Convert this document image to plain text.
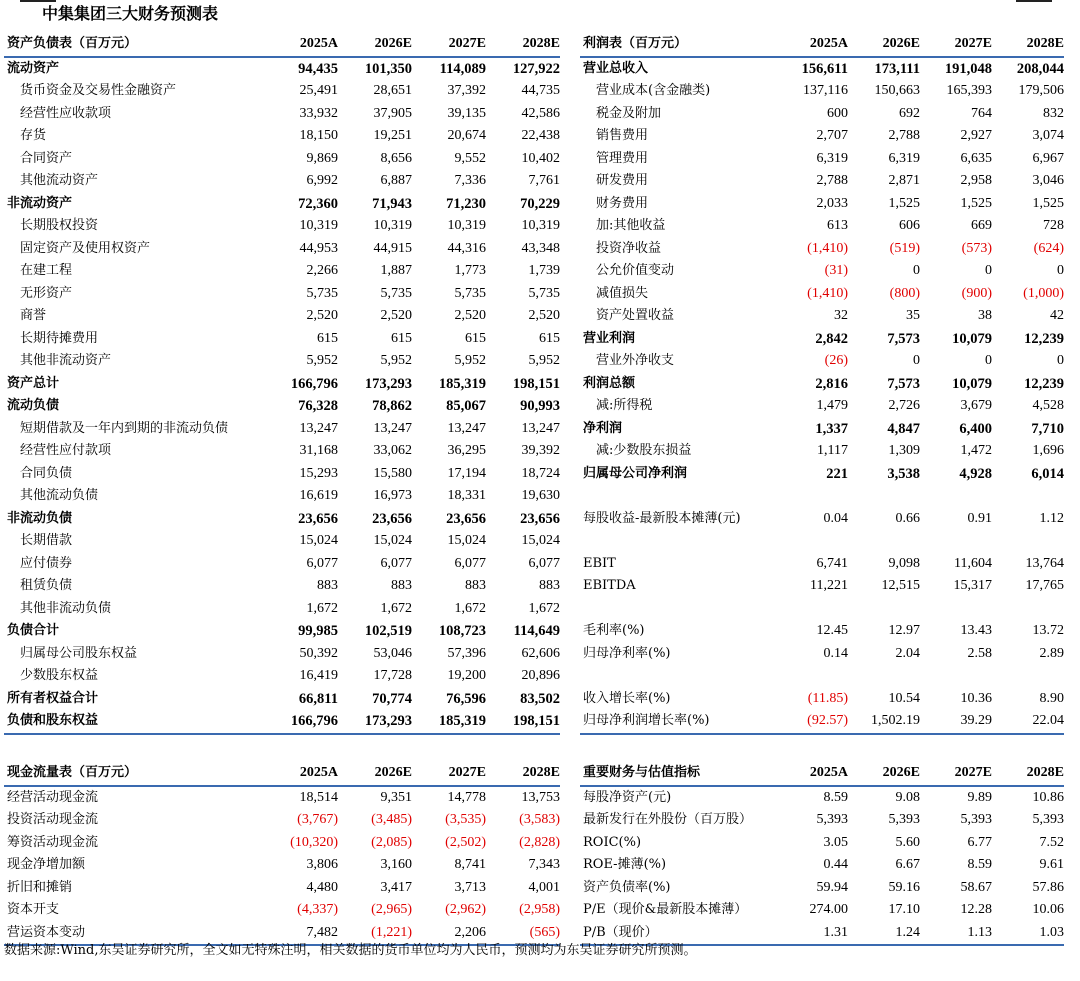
中集集团三大财务预测表
资产负债表（百万元）	2025A	2026E	2027E	2028E
流动资产	94,435	101,350	114,089	127,922
货币资金及交易性金融资产	25,491	28,651	37,392	44,735
经营性应收款项	33,932	37,905	39,135	42,586
存货	18,150	19,251	20,674	22,438
合同资产	9,869	8,656	9,552	10,402
其他流动资产	6,992	6,887	7,336	7,761
非流动资产	72,360	71,943	71,230	70,229
长期股权投资	10,319	10,319	10,319	10,319
固定资产及使用权资产	44,953	44,915	44,316	43,348
在建工程	2,266	1,887	1,773	1,739
无形资产	5,735	5,735	5,735	5,735
商誉	2,520	2,520	2,520	2,520
长期待摊费用	615	615	615	615
其他非流动资产	5,952	5,952	5,952	5,952
资产总计	166,796	173,293	185,319	198,151
流动负债	76,328	78,862	85,067	90,993
短期借款及一年内到期的非流动负债	13,247	13,247	13,247	13,247
经营性应付款项	31,168	33,062	36,295	39,392
合同负债	15,293	15,580	17,194	18,724
其他流动负债	16,619	16,973	18,331	19,630
非流动负债	23,656	23,656	23,656	23,656
长期借款	15,024	15,024	15,024	15,024
应付债券	6,077	6,077	6,077	6,077
租赁负债	883	883	883	883
其他非流动负债	1,672	1,672	1,672	1,672
负债合计	99,985	102,519	108,723	114,649
归属母公司股东权益	50,392	53,046	57,396	62,606
少数股东权益	16,419	17,728	19,200	20,896
所有者权益合计	66,811	70,774	76,596	83,502
负债和股东权益	166,796	173,293	185,319	198,151
利润表（百万元）	2025A	2026E	2027E	2028E
营业总收入	156,611	173,111	191,048	208,044
营业成本(含金融类)	137,116	150,663	165,393	179,506
税金及附加	600	692	764	832
销售费用	2,707	2,788	2,927	3,074
管理费用	6,319	6,319	6,635	6,967
研发费用	2,788	2,871	2,958	3,046
财务费用	2,033	1,525	1,525	1,525
加:其他收益	613	606	669	728
投资净收益	(1,410)	(519)	(573)	(624)
公允价值变动	(31)	0	0	0
减值损失	(1,410)	(800)	(900)	(1,000)
资产处置收益	32	35	38	42
营业利润	2,842	7,573	10,079	12,239
营业外净收支	(26)	0	0	0
利润总额	2,816	7,573	10,079	12,239
减:所得税	1,479	2,726	3,679	4,528
净利润	1,337	4,847	6,400	7,710
减:少数股东损益	1,117	1,309	1,472	1,696
归属母公司净利润	221	3,538	4,928	6,014

每股收益-最新股本摊薄(元)	0.04	0.66	0.91	1.12

EBIT	6,741	9,098	11,604	13,764
EBITDA	11,221	12,515	15,317	17,765

毛利率(%)	12.45	12.97	13.43	13.72
归母净利率(%)	0.14	2.04	2.58	2.89

收入增长率(%)	(11.85)	10.54	10.36	8.90
归母净利润增长率(%)	(92.57)	1,502.19	39.29	22.04
现金流量表（百万元）	2025A	2026E	2027E	2028E
经营活动现金流	18,514	9,351	14,778	13,753
投资活动现金流	(3,767)	(3,485)	(3,535)	(3,583)
筹资活动现金流	(10,320)	(2,085)	(2,502)	(2,828)
现金净增加额	3,806	3,160	8,741	7,343
折旧和摊销	4,480	3,417	3,713	4,001
资本开支	(4,337)	(2,965)	(2,962)	(2,958)
营运资本变动	7,482	(1,221)	2,206	(565)
重要财务与估值指标	2025A	2026E	2027E	2028E
每股净资产(元)	8.59	9.08	9.89	10.86
最新发行在外股份（百万股）	5,393	5,393	5,393	5,393
ROIC(%)	3.05	5.60	6.77	7.52
ROE-摊薄(%)	0.44	6.67	8.59	9.61
资产负债率(%)	59.94	59.16	58.67	57.86
P/E（现价&最新股本摊薄）	274.00	17.10	12.28	10.06
P/B（现价）	1.31	1.24	1.13	1.03
数据来源:Wind,东吴证券研究所，全文如无特殊注明，相关数据的货币单位均为人民币，预测均为东吴证券研究所预测。
